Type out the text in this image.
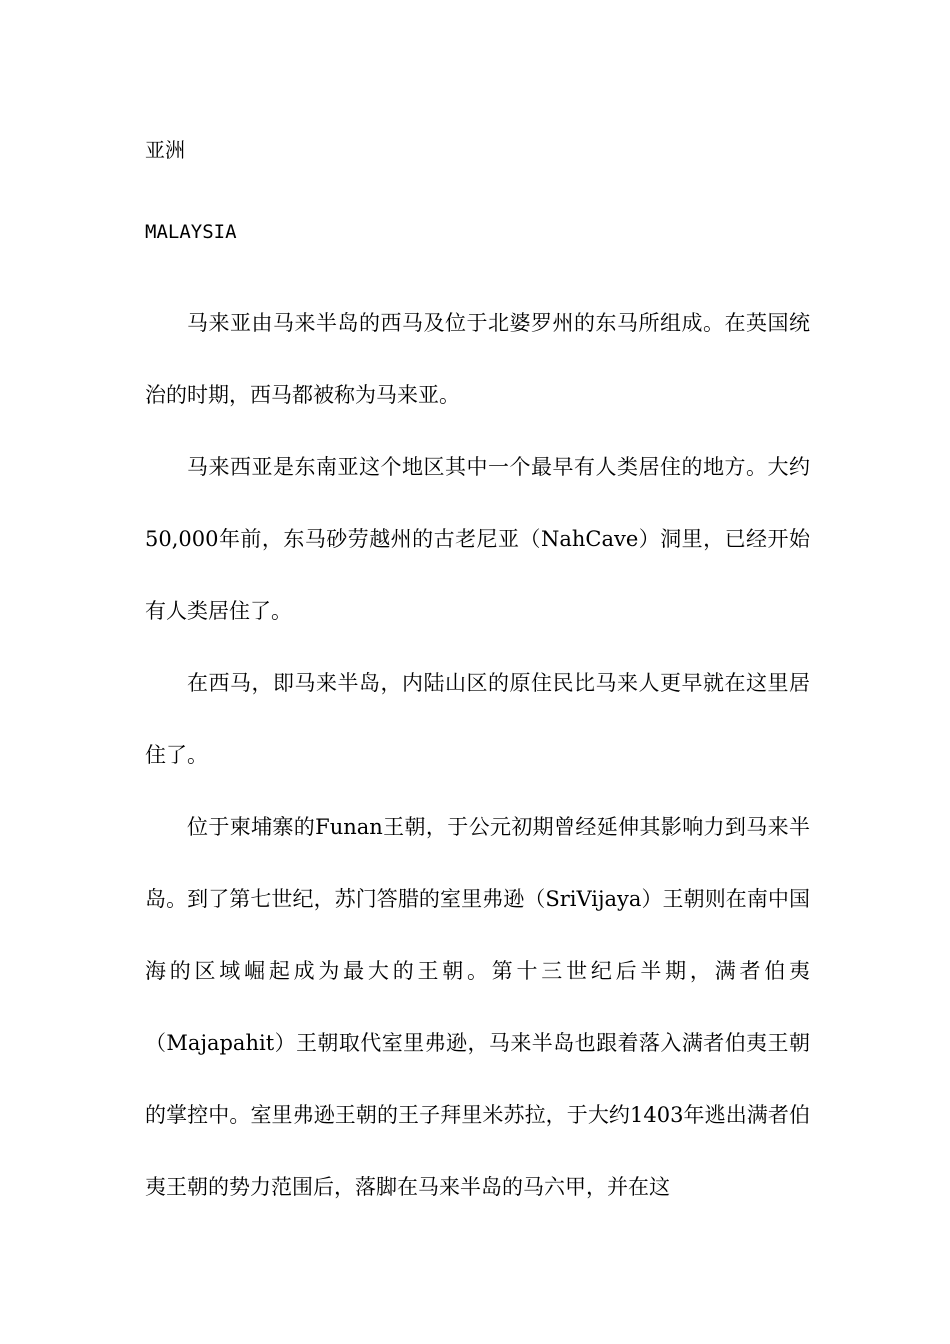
亚洲
MALAYSIA

马来亚由马来半岛的西马及位于北婆罗州的东马所组成。在英国统治的时期，西马都被称为马来亚。

马来西亚是东南亚这个地区其中一个最早有人类居住的地方。大约50,000年前，东马砂劳越州的古老尼亚（NahCave）洞里，已经开始有人类居住了。

在西马，即马来半岛，内陆山区的原住民比马来人更早就在这里居住了。

位于柬埔寨的Funan王朝，于公元初期曾经延伸其影响力到马来半岛。到了第七世纪，苏门答腊的室里弗逊（SriVijaya）王朝则在南中国海的区域崛起成为最大的王朝。第十三世纪后半期，满者伯夷（Majapahit）王朝取代室里弗逊，马来半岛也跟着落入满者伯夷王朝的掌控中。室里弗逊王朝的王子拜里米苏拉，于大约1403年逃出满者伯夷王朝的势力范围后，落脚在马来半岛的马六甲，并在这
